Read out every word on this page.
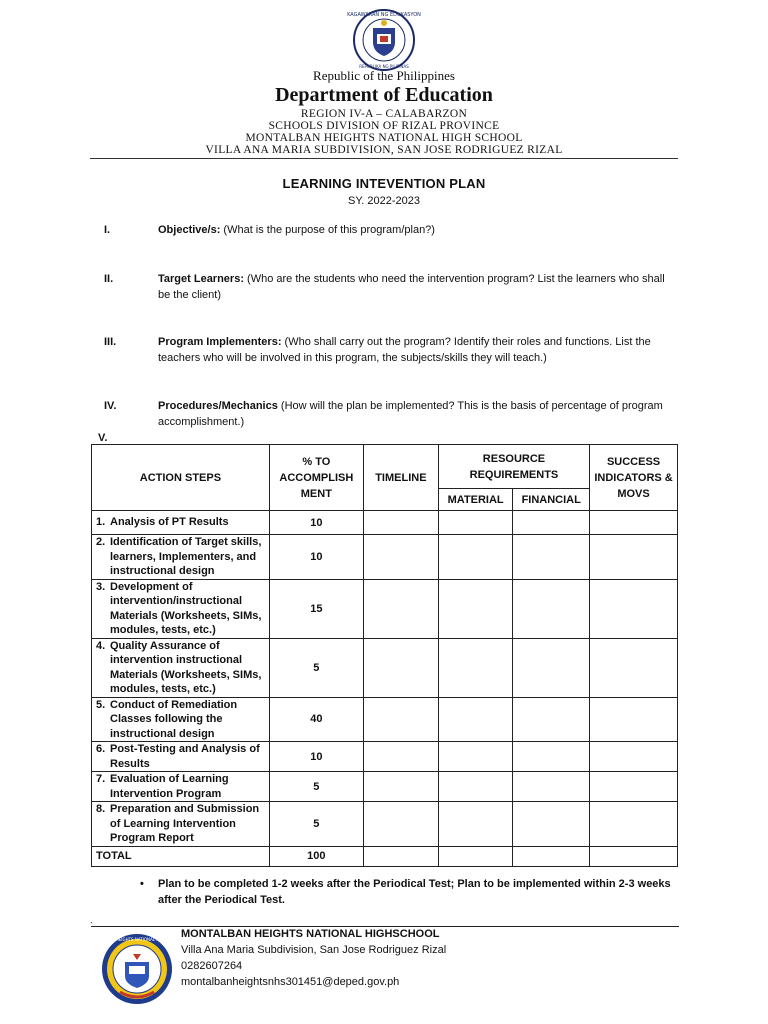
KAGAWARAN NG EDUKASYON
REPUBLIKA NG PILIPINAS
Republic of the Philippines
Department of Education
REGION IV-A – CALABARZON
SCHOOLS DIVISION OF RIZAL PROVINCE
MONTALBAN HEIGHTS NATIONAL HIGH SCHOOL
VILLA ANA MARIA SUBDIVISION, SAN JOSE RODRIGUEZ RIZAL
LEARNING INTEVENTION PLAN
SY. 2022-2023
I.	Objective/s: (What is the purpose of this program/plan?)
II.	Target Learners: (Who are the students who need the intervention program? List the learners who shall be the client)
III.	Program Implementers: (Who shall carry out the program? Identify their roles and functions. List the teachers who will be involved in this program, the subjects/skills they will teach.)
IV.	Procedures/Mechanics (How will the plan be implemented? This is the basis of percentage of program accomplishment.)
V.
ACTION STEPS	% TO ACCOMPLISH MENT	TIMELINE	RESOURCE REQUIREMENTS		SUCCESS INDICATORS & MOVS
			MATERIAL	FINANCIAL	

1. Analysis of PT Results	10				

2. Identification of Target skills, learners, Implementers, and instructional design	10				

3. Development of intervention/instructional Materials (Worksheets, SIMs, modules, tests, etc.)	15				

4. Quality Assurance of intervention instructional Materials (Worksheets, SIMs, modules, tests, etc.)	5				

5. Conduct of Remediation Classes following the instructional design	40				

6. Post-Testing and Analysis of Results	10				

7. Evaluation of Learning Intervention Program	5				

8. Preparation and Submission of Learning Intervention Program Report	5				
TOTAL	100				
• Plan to be completed 1-2 weeks after the Periodical Test; Plan to be implemented within 2-3 weeks after the Periodical Test.
`
MONTALBAN HEIGHTS NATIONAL HIGH SCHOOL
MONTALBAN HEIGHTS NATIONAL HIGHSCHOOL
Villa Ana Maria Subdivision, San Jose Rodriguez Rizal
0282607264
montalbanheightsnhs301451@deped.gov.ph
